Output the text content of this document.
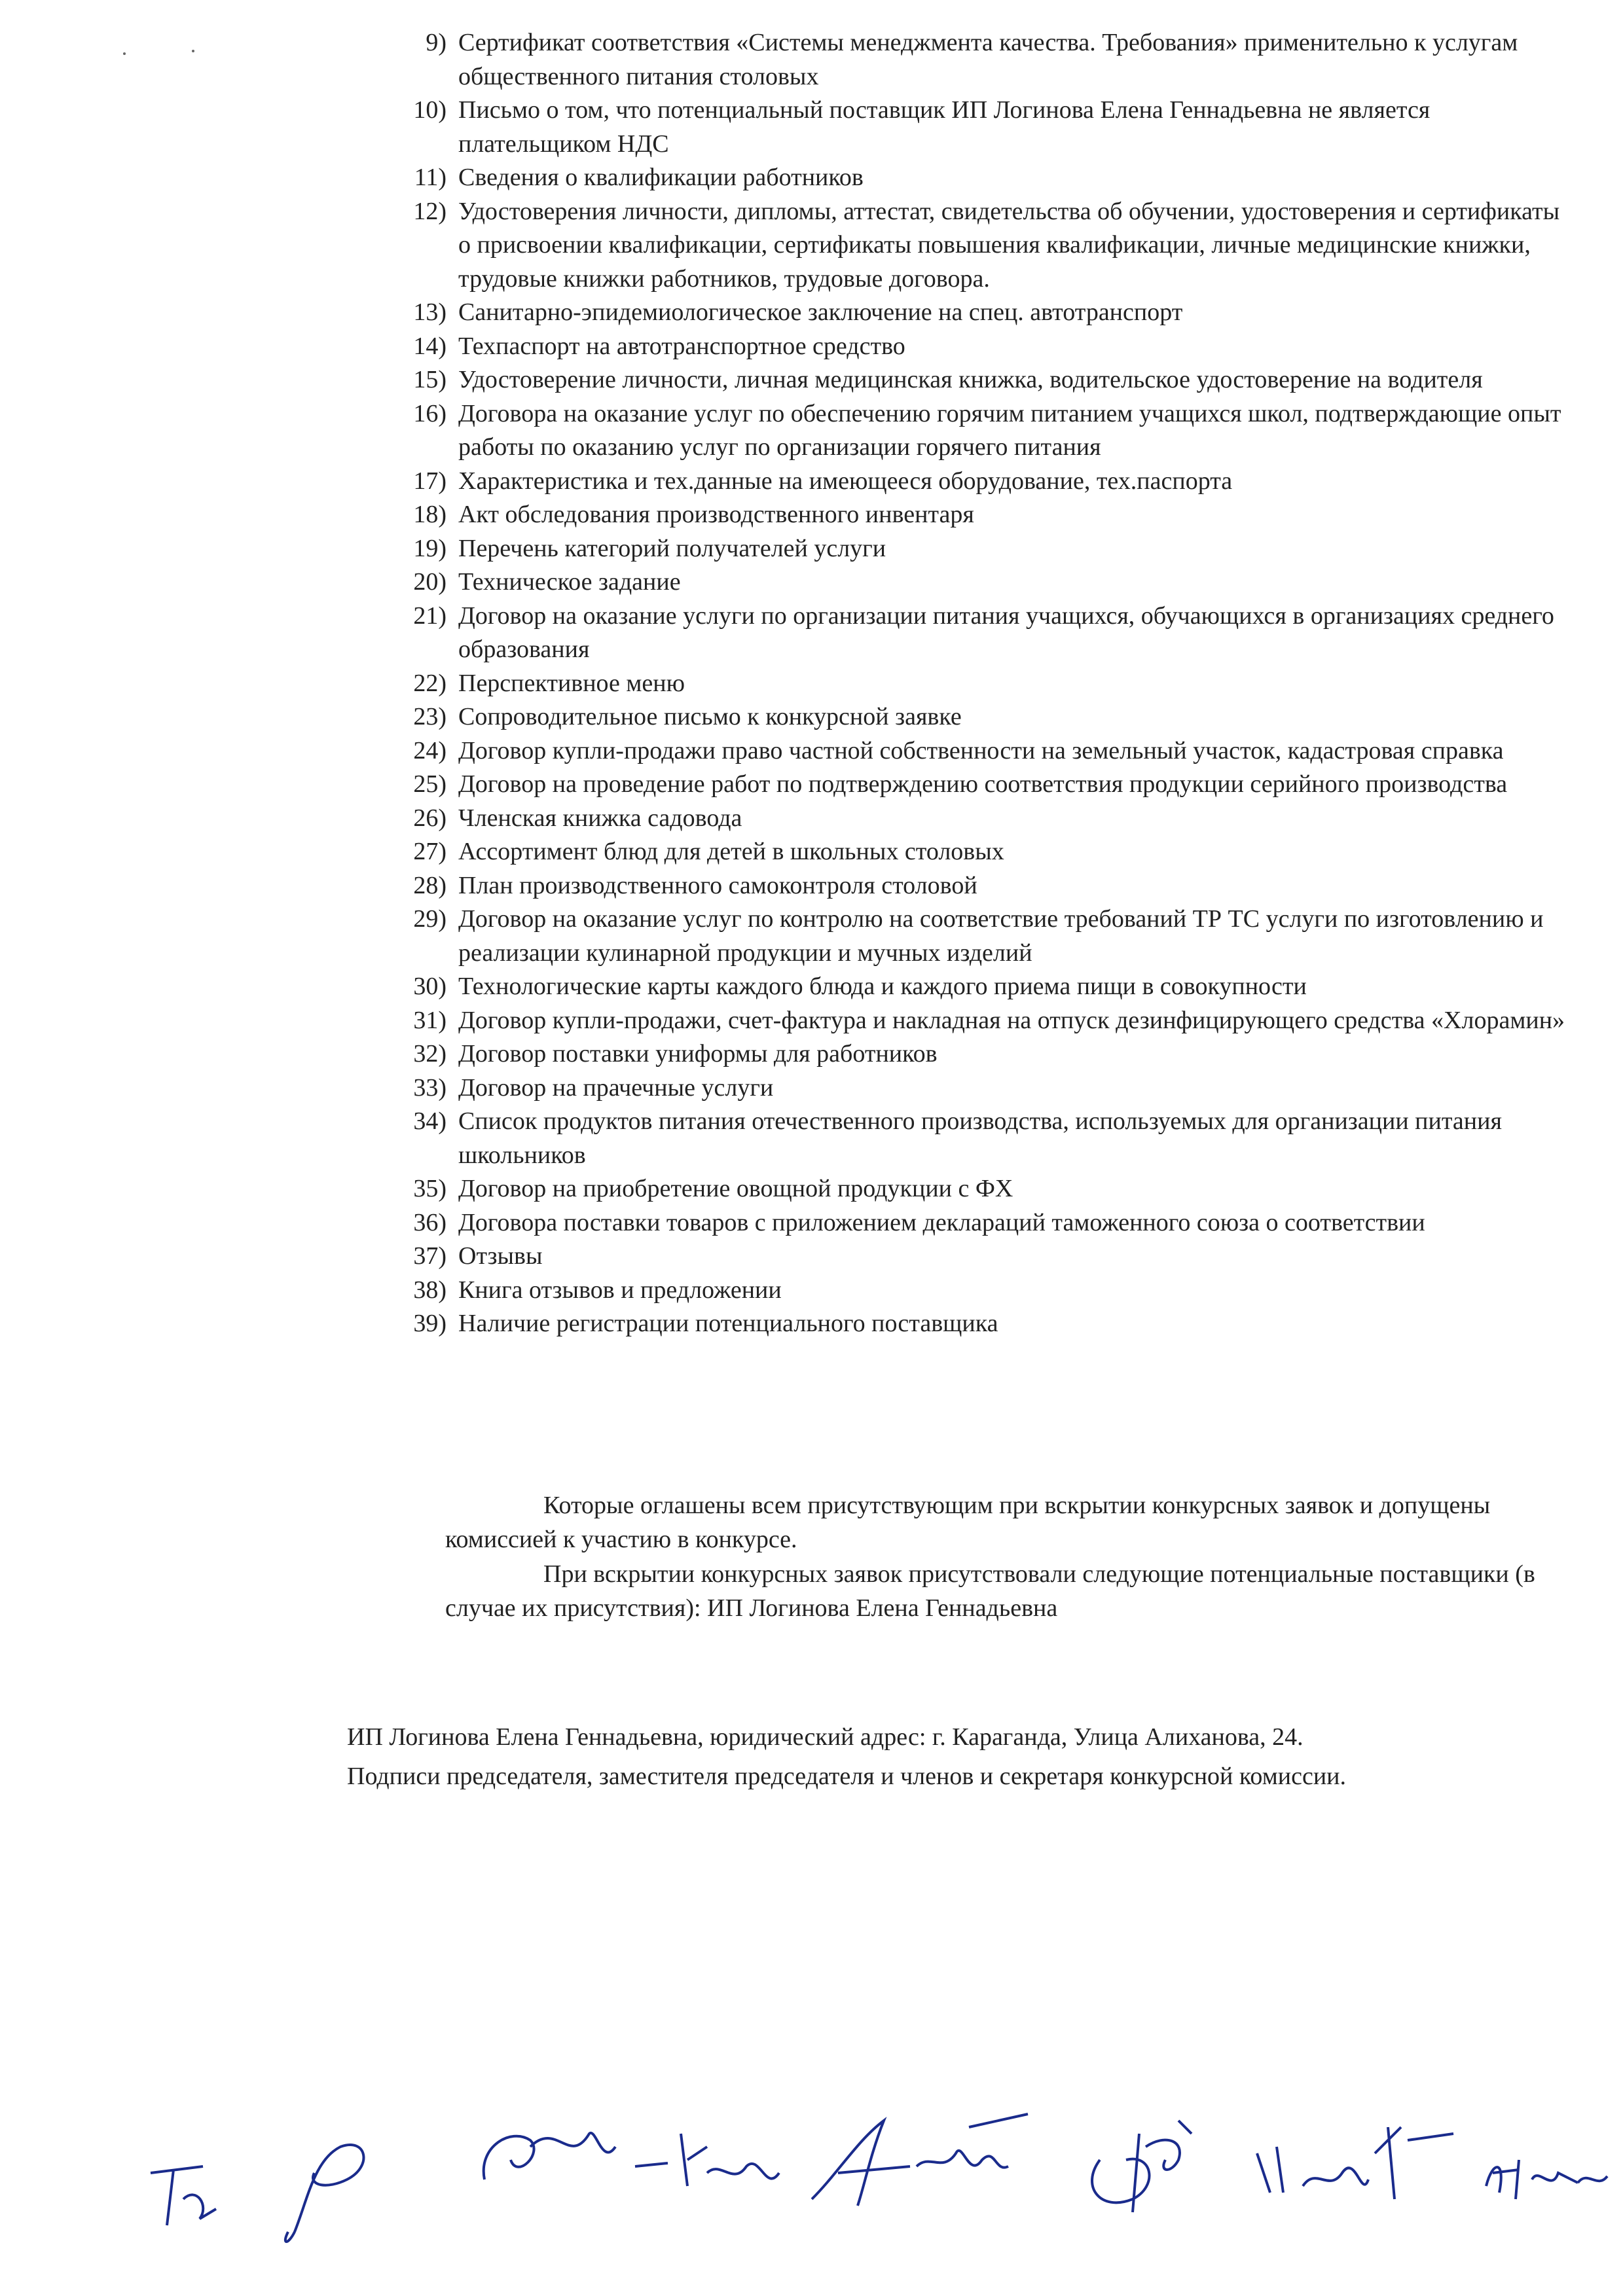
9) Сертификат соответствия «Системы менеджмента качества. Требования» применительно к услугам общественного питания столовых
10) Письмо о том, что потенциальный поставщик ИП Логинова Елена Геннадьевна не является плательщиком НДС
11) Сведения о квалификации работников
12) Удостоверения личности, дипломы, аттестат, свидетельства об обучении, удостоверения и сертификаты о присвоении квалификации, сертификаты повышения квалификации, личные медицинские книжки, трудовые книжки работников, трудовые договора.
13) Санитарно-эпидемиологическое заключение на спец. автотранспорт
14) Техпаспорт на автотранспортное средство
15) Удостоверение личности, личная медицинская книжка, водительское удостоверение на водителя
16) Договора на оказание услуг по обеспечению горячим питанием учащихся школ, подтверждающие опыт работы по оказанию услуг по организации горячего питания
17) Характеристика и тех.данные на имеющееся оборудование, тех.паспорта
18) Акт обследования производственного инвентаря
19) Перечень категорий получателей услуги
20) Техническое задание
21) Договор на оказание услуги по организации питания учащихся, обучающихся в организациях среднего образования
22) Перспективное меню
23) Сопроводительное письмо к конкурсной заявке
24) Договор купли-продажи право частной собственности на земельный участок, кадастровая справка
25) Договор на проведение работ по подтверждению соответствия продукции серийного производства
26) Членская книжка садовода
27) Ассортимент блюд для детей в школьных столовых
28) План производственного самоконтроля столовой
29) Договор на оказание услуг по контролю на соответствие требований ТР ТС услуги по изготовлению и реализации кулинарной продукции и мучных изделий
30) Технологические карты каждого блюда и каждого приема пищи в совокупности
31) Договор купли-продажи, счет-фактура и накладная на отпуск дезинфицирующего средства «Хлорамин»
32) Договор поставки униформы для работников
33) Договор на прачечные услуги
34) Список продуктов питания отечественного производства, используемых для организации питания школьников
35) Договор на приобретение овощной продукции с ФХ
36) Договора поставки товаров с приложением деклараций таможенного союза о соответствии
37) Отзывы
38) Книга отзывов и предложении
39) Наличие регистрации потенциального поставщика

Которые оглашены всем присутствующим при вскрытии конкурсных заявок и допущены комиссией к участию в конкурсе.

При вскрытии конкурсных заявок присутствовали следующие потенциальные поставщики (в случае их присутствия): ИП Логинова Елена Геннадьевна

ИП Логинова Елена Геннадьевна, юридический адрес: г. Караганда, Улица Алиханова, 24.

Подписи председателя, заместителя председателя и членов и секретаря конкурсной комиссии.
